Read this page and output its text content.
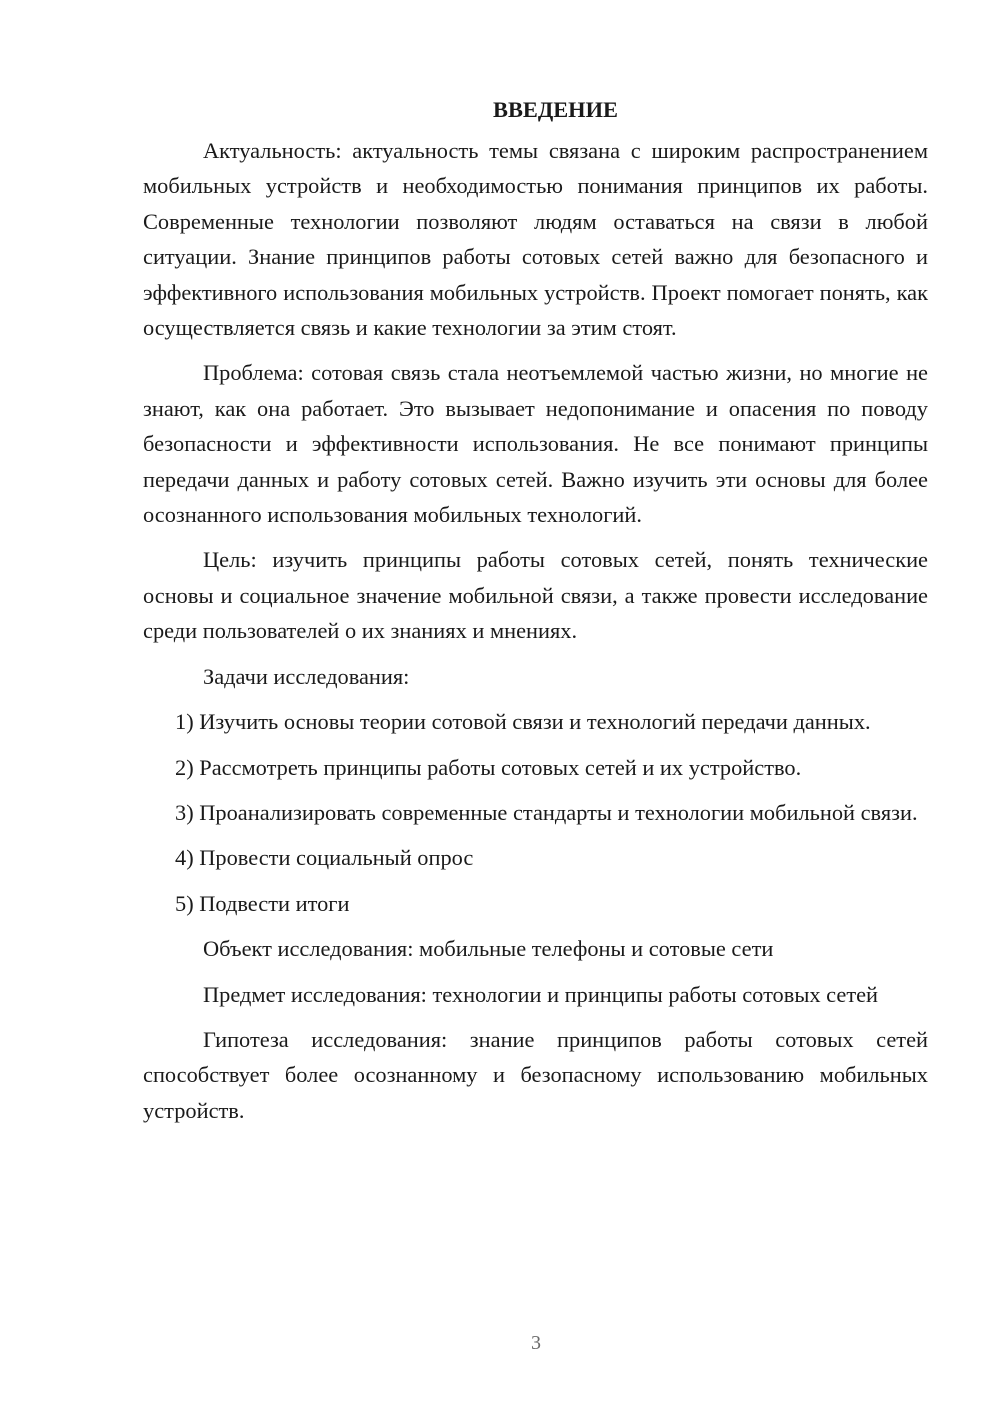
ВВЕДЕНИЕ

Актуальность: актуальность темы связана с широким распространением мобильных устройств и необходимостью понимания принципов их работы. Современные технологии позволяют людям оставаться на связи в любой ситуации. Знание принципов работы сотовых сетей важно для безопасного и эффективного использования мобильных устройств. Проект помогает понять, как осуществляется связь и какие технологии за этим стоят.

Проблема: сотовая связь стала неотъемлемой частью жизни, но многие не знают, как она работает. Это вызывает недопонимание и опасения по поводу безопасности и эффективности использования. Не все понимают принципы передачи данных и работу сотовых сетей. Важно изучить эти основы для более осознанного использования мобильных технологий.

Цель: изучить принципы работы сотовых сетей, понять технические основы и социальное значение мобильной связи, а также провести исследование среди пользователей о их знаниях и мнениях.

Задачи исследования:

1) Изучить основы теории сотовой связи и технологий передачи данных.

2) Рассмотреть принципы работы сотовых сетей и их устройство.

3) Проанализировать современные стандарты и технологии мобильной связи.

4) Провести социальный опрос

5) Подвести итоги

Объект исследования: мобильные телефоны и сотовые сети

Предмет исследования: технологии и принципы работы сотовых сетей

Гипотеза исследования: знание принципов работы сотовых сетей способствует более осознанному и безопасному использованию мобильных устройств.

3
